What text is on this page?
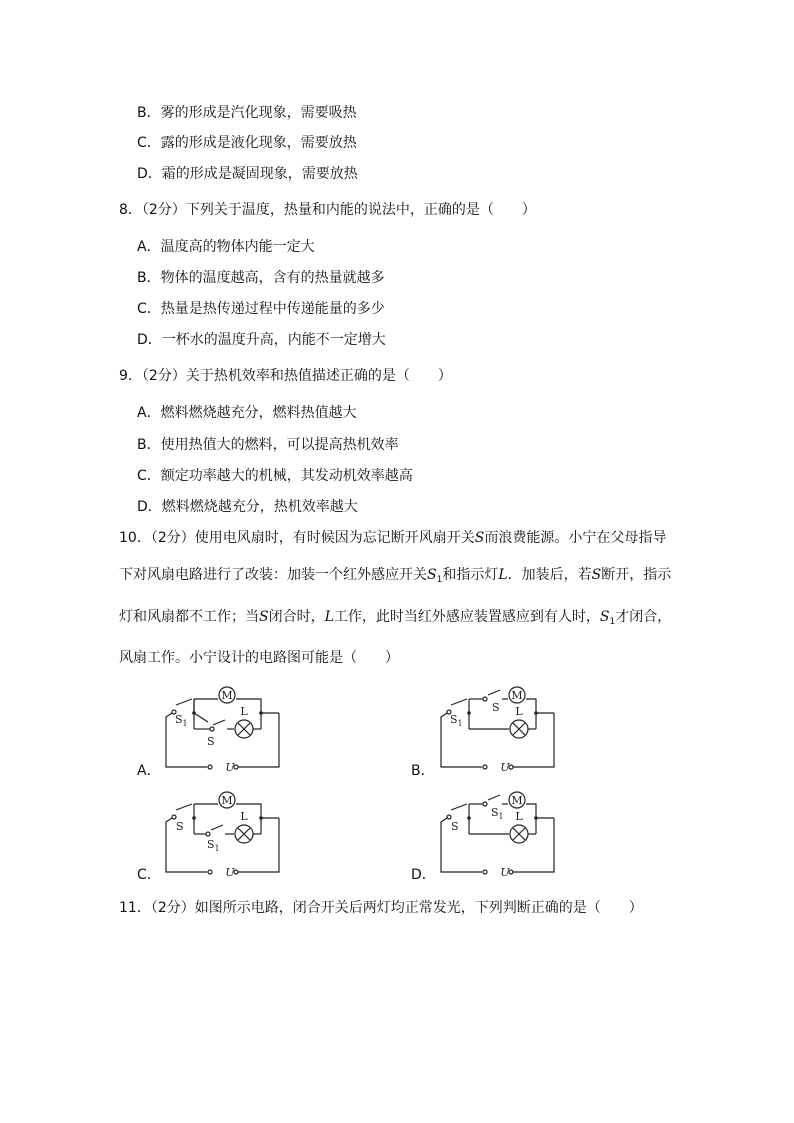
B．雾的形成是汽化现象，需要吸热
C．露的形成是液化现象，需要放热
D．霜的形成是凝固现象，需要放热
8．（2分）下列关于温度，热量和内能的说法中，正确的是（　　）
A．温度高的物体内能一定大
B．物体的温度越高，含有的热量就越多
C．热量是热传递过程中传递能量的多少
D．一杯水的温度升高，内能不一定增大
9．（2分）关于热机效率和热值描述正确的是（　　）
A．燃料燃烧越充分，燃料热值越大
B．使用热值大的燃料，可以提高热机效率
C．额定功率越大的机械，其发动机效率越高
D．燃料燃烧越充分，热机效率越大
10．（2分）使用电风扇时，有时候因为忘记断开风扇开关S而浪费能源。小宁在父母指导
下对风扇电路进行了改装：加装一个红外感应开关$S_1$和指示灯L．加装后，若S断开，指示
灯和风扇都不工作；当S闭合时，L工作，此时当红外感应装置感应到有人时，$S_1$才闭合，
风扇工作。小宁设计的电路图可能是（　　）
M
L
$S_1$
S
U
A．
M
L
$S_1$
S
U
B．
M
L
S
$S_1$
U
C．
M
L
S
$S_1$
U
D．
11．（2分）如图所示电路，闭合开关后两灯均正常发光，下列判断正确的是（　　）
